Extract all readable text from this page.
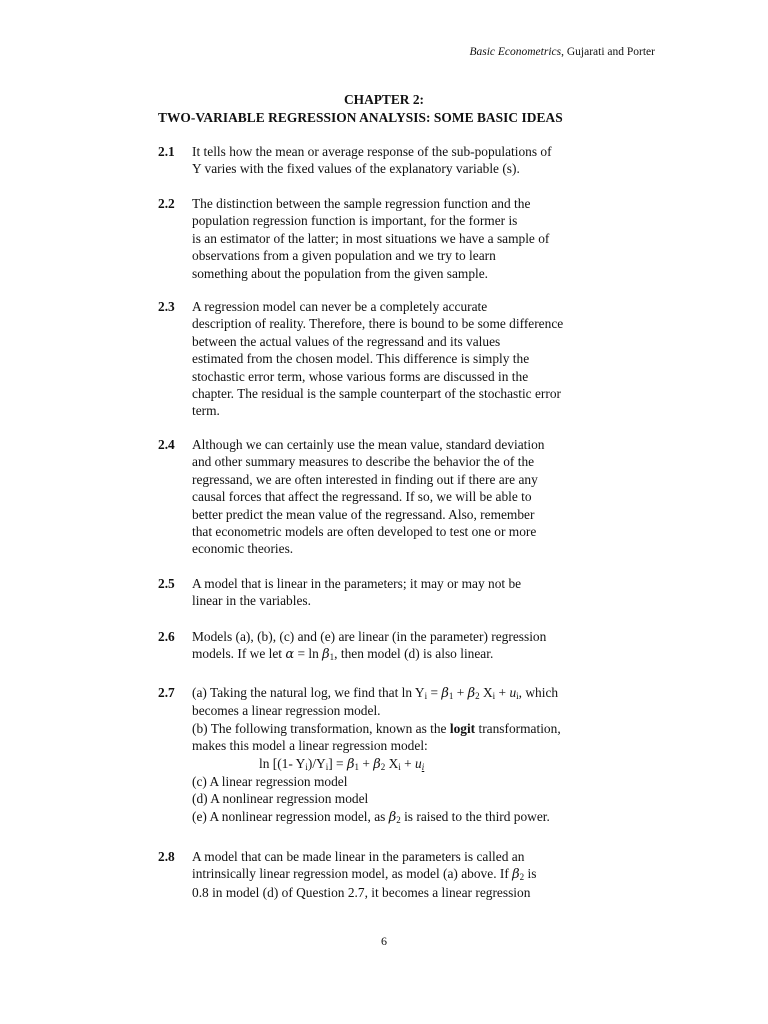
Basic Econometrics, Gujarati and Porter
CHAPTER 2:
TWO-VARIABLE REGRESSION ANALYSIS: SOME BASIC IDEAS
2.1 It tells how the mean or average response of the sub-populations of
Y varies with the fixed values of the explanatory variable (s).
2.2 The distinction between the sample regression function and the
population regression function is important, for the former is
is an estimator of the latter; in most situations we have a sample of
observations from a given population and we try to learn
something about the population from the given sample.
2.3 A regression model can never be a completely accurate
description of reality. Therefore, there is bound to be some difference
between the actual values of the regressand and its values
estimated from the chosen model. This difference is simply the
stochastic error term, whose various forms are discussed in the
chapter. The residual is the sample counterpart of the stochastic error
term.
2.4 Although we can certainly use the mean value, standard deviation
and other summary measures to describe the behavior the of the
regressand, we are often interested in finding out if there are any
causal forces that affect the regressand. If so, we will be able to
better predict the mean value of the regressand. Also, remember
that econometric models are often developed to test one or more
economic theories.
2.5 A model that is linear in the parameters; it may or may not be
linear in the variables.
2.6 Models (a), (b), (c) and (e) are linear (in the parameter) regression
models. If we let $\alpha = \ln \beta_1$, then model (d) is also linear.
2.7 (a) Taking the natural log, we find that $\ln Y_i = \beta_1 + \beta_2$ $X_i + u_i$, which
becomes a linear regression model.
(b) The following transformation, known as the logit transformation,
makes this model a linear regression model:
ln [(1- $Y_i)/Y_i] = \beta_1 + \beta_2$ $X_i + u_i$
(c) A linear regression model
(d) A nonlinear regression model
(e) A nonlinear regression model, as $\beta_2$ is raised to the third power.
2.8 A model that can be made linear in the parameters is called an
intrinsically linear regression model, as model (a) above. If $\beta_2$ is
0.8 in model (d) of Question 2.7, it becomes a linear regression
6
